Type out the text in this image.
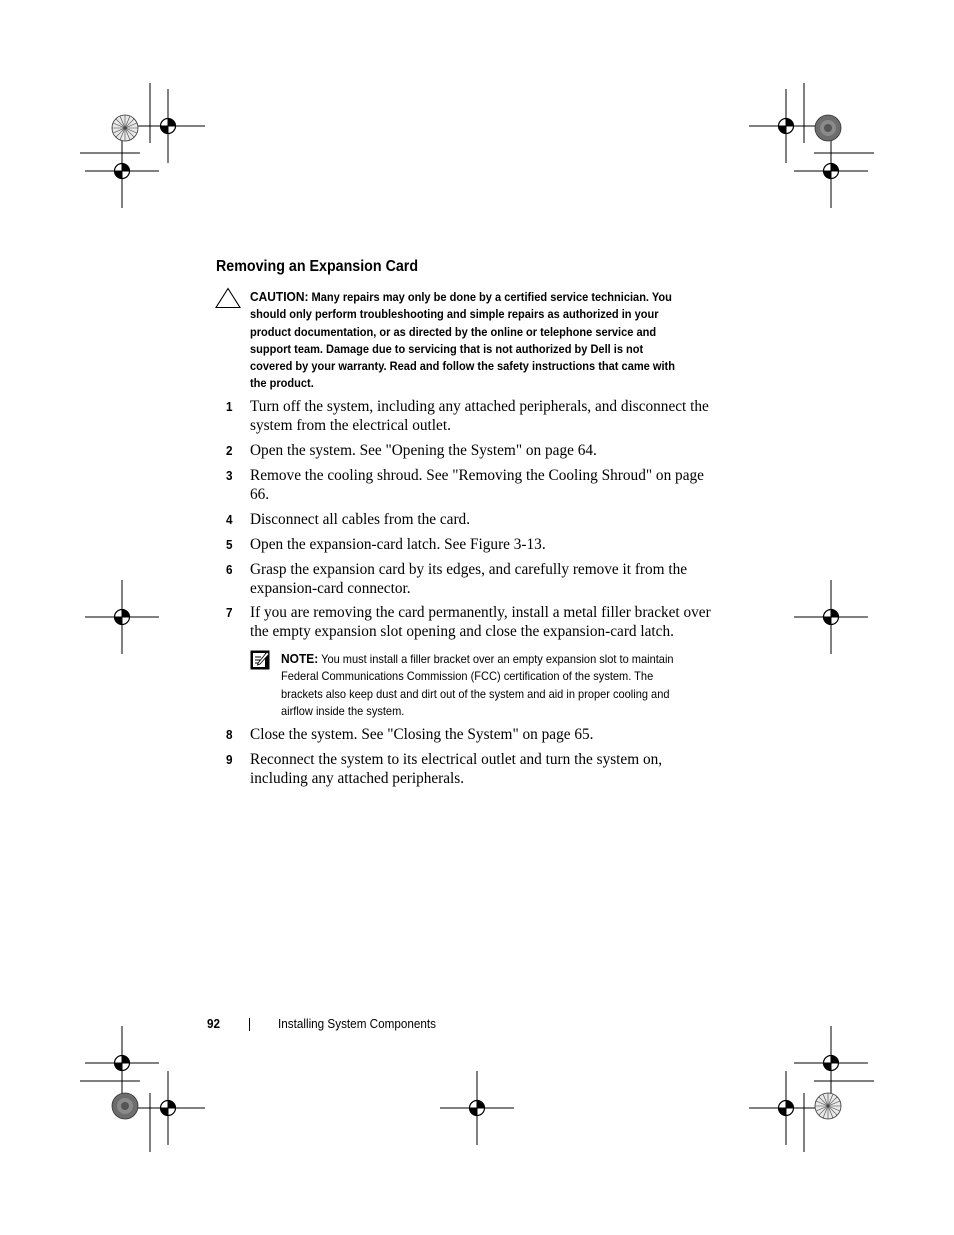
Removing an Expansion Card
CAUTION: Many repairs may only be done by a certified service technician. You should only perform troubleshooting and simple repairs as authorized in your product documentation, or as directed by the online or telephone service and support team. Damage due to servicing that is not authorized by Dell is not covered by your warranty. Read and follow the safety instructions that came with the product.
1 Turn off the system, including any attached peripherals, and disconnect the system from the electrical outlet.
2 Open the system. See "Opening the System" on page 64.
3 Remove the cooling shroud. See "Removing the Cooling Shroud" on page 66.
4 Disconnect all cables from the card.
5 Open the expansion-card latch. See Figure 3-13.
6 Grasp the expansion card by its edges, and carefully remove it from the expansion-card connector.
7 If you are removing the card permanently, install a metal filler bracket over the empty expansion slot opening and close the expansion-card latch.
NOTE: You must install a filler bracket over an empty expansion slot to maintain Federal Communications Commission (FCC) certification of the system. The brackets also keep dust and dirt out of the system and aid in proper cooling and airflow inside the system.
8 Close the system. See "Closing the System" on page 65.
9 Reconnect the system to its electrical outlet and turn the system on, including any attached peripherals.
92	Installing System Components
